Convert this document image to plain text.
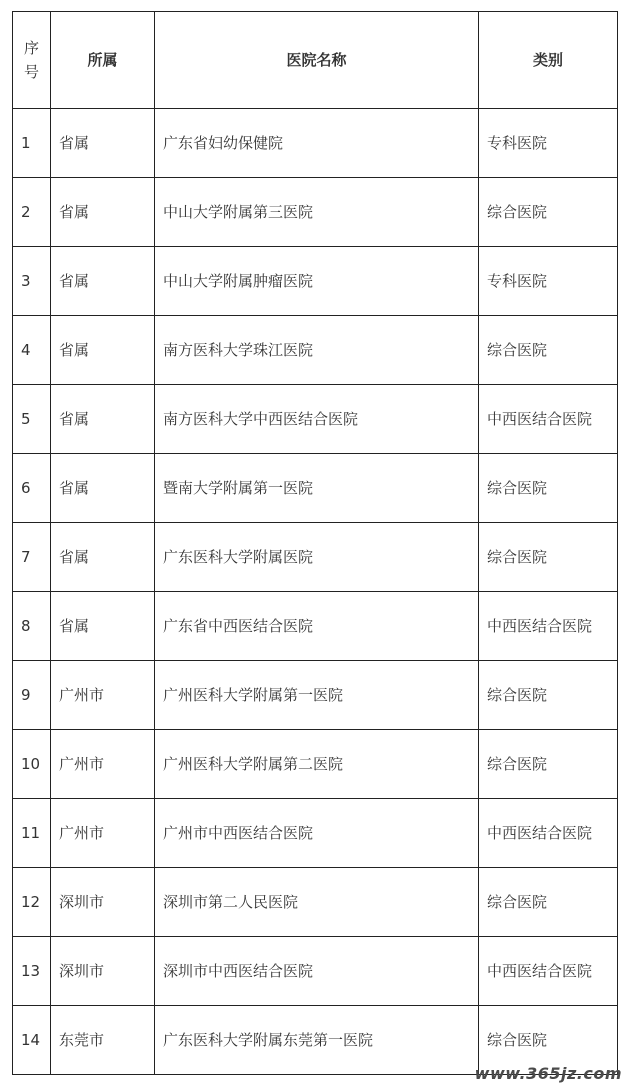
序
号	所属	医院名称	类别
1	省属	广东省妇幼保健院	专科医院
2	省属	中山大学附属第三医院	综合医院
3	省属	中山大学附属肿瘤医院	专科医院
4	省属	南方医科大学珠江医院	综合医院
5	省属	南方医科大学中西医结合医院	中西医结合医院
6	省属	暨南大学附属第一医院	综合医院
7	省属	广东医科大学附属医院	综合医院
8	省属	广东省中西医结合医院	中西医结合医院
9	广州市	广州医科大学附属第一医院	综合医院
10	广州市	广州医科大学附属第二医院	综合医院
11	广州市	广州市中西医结合医院	中西医结合医院
12	深圳市	深圳市第二人民医院	综合医院
13	深圳市	深圳市中西医结合医院	中西医结合医院
14	东莞市	广东医科大学附属东莞第一医院	综合医院
www.365jz.com
